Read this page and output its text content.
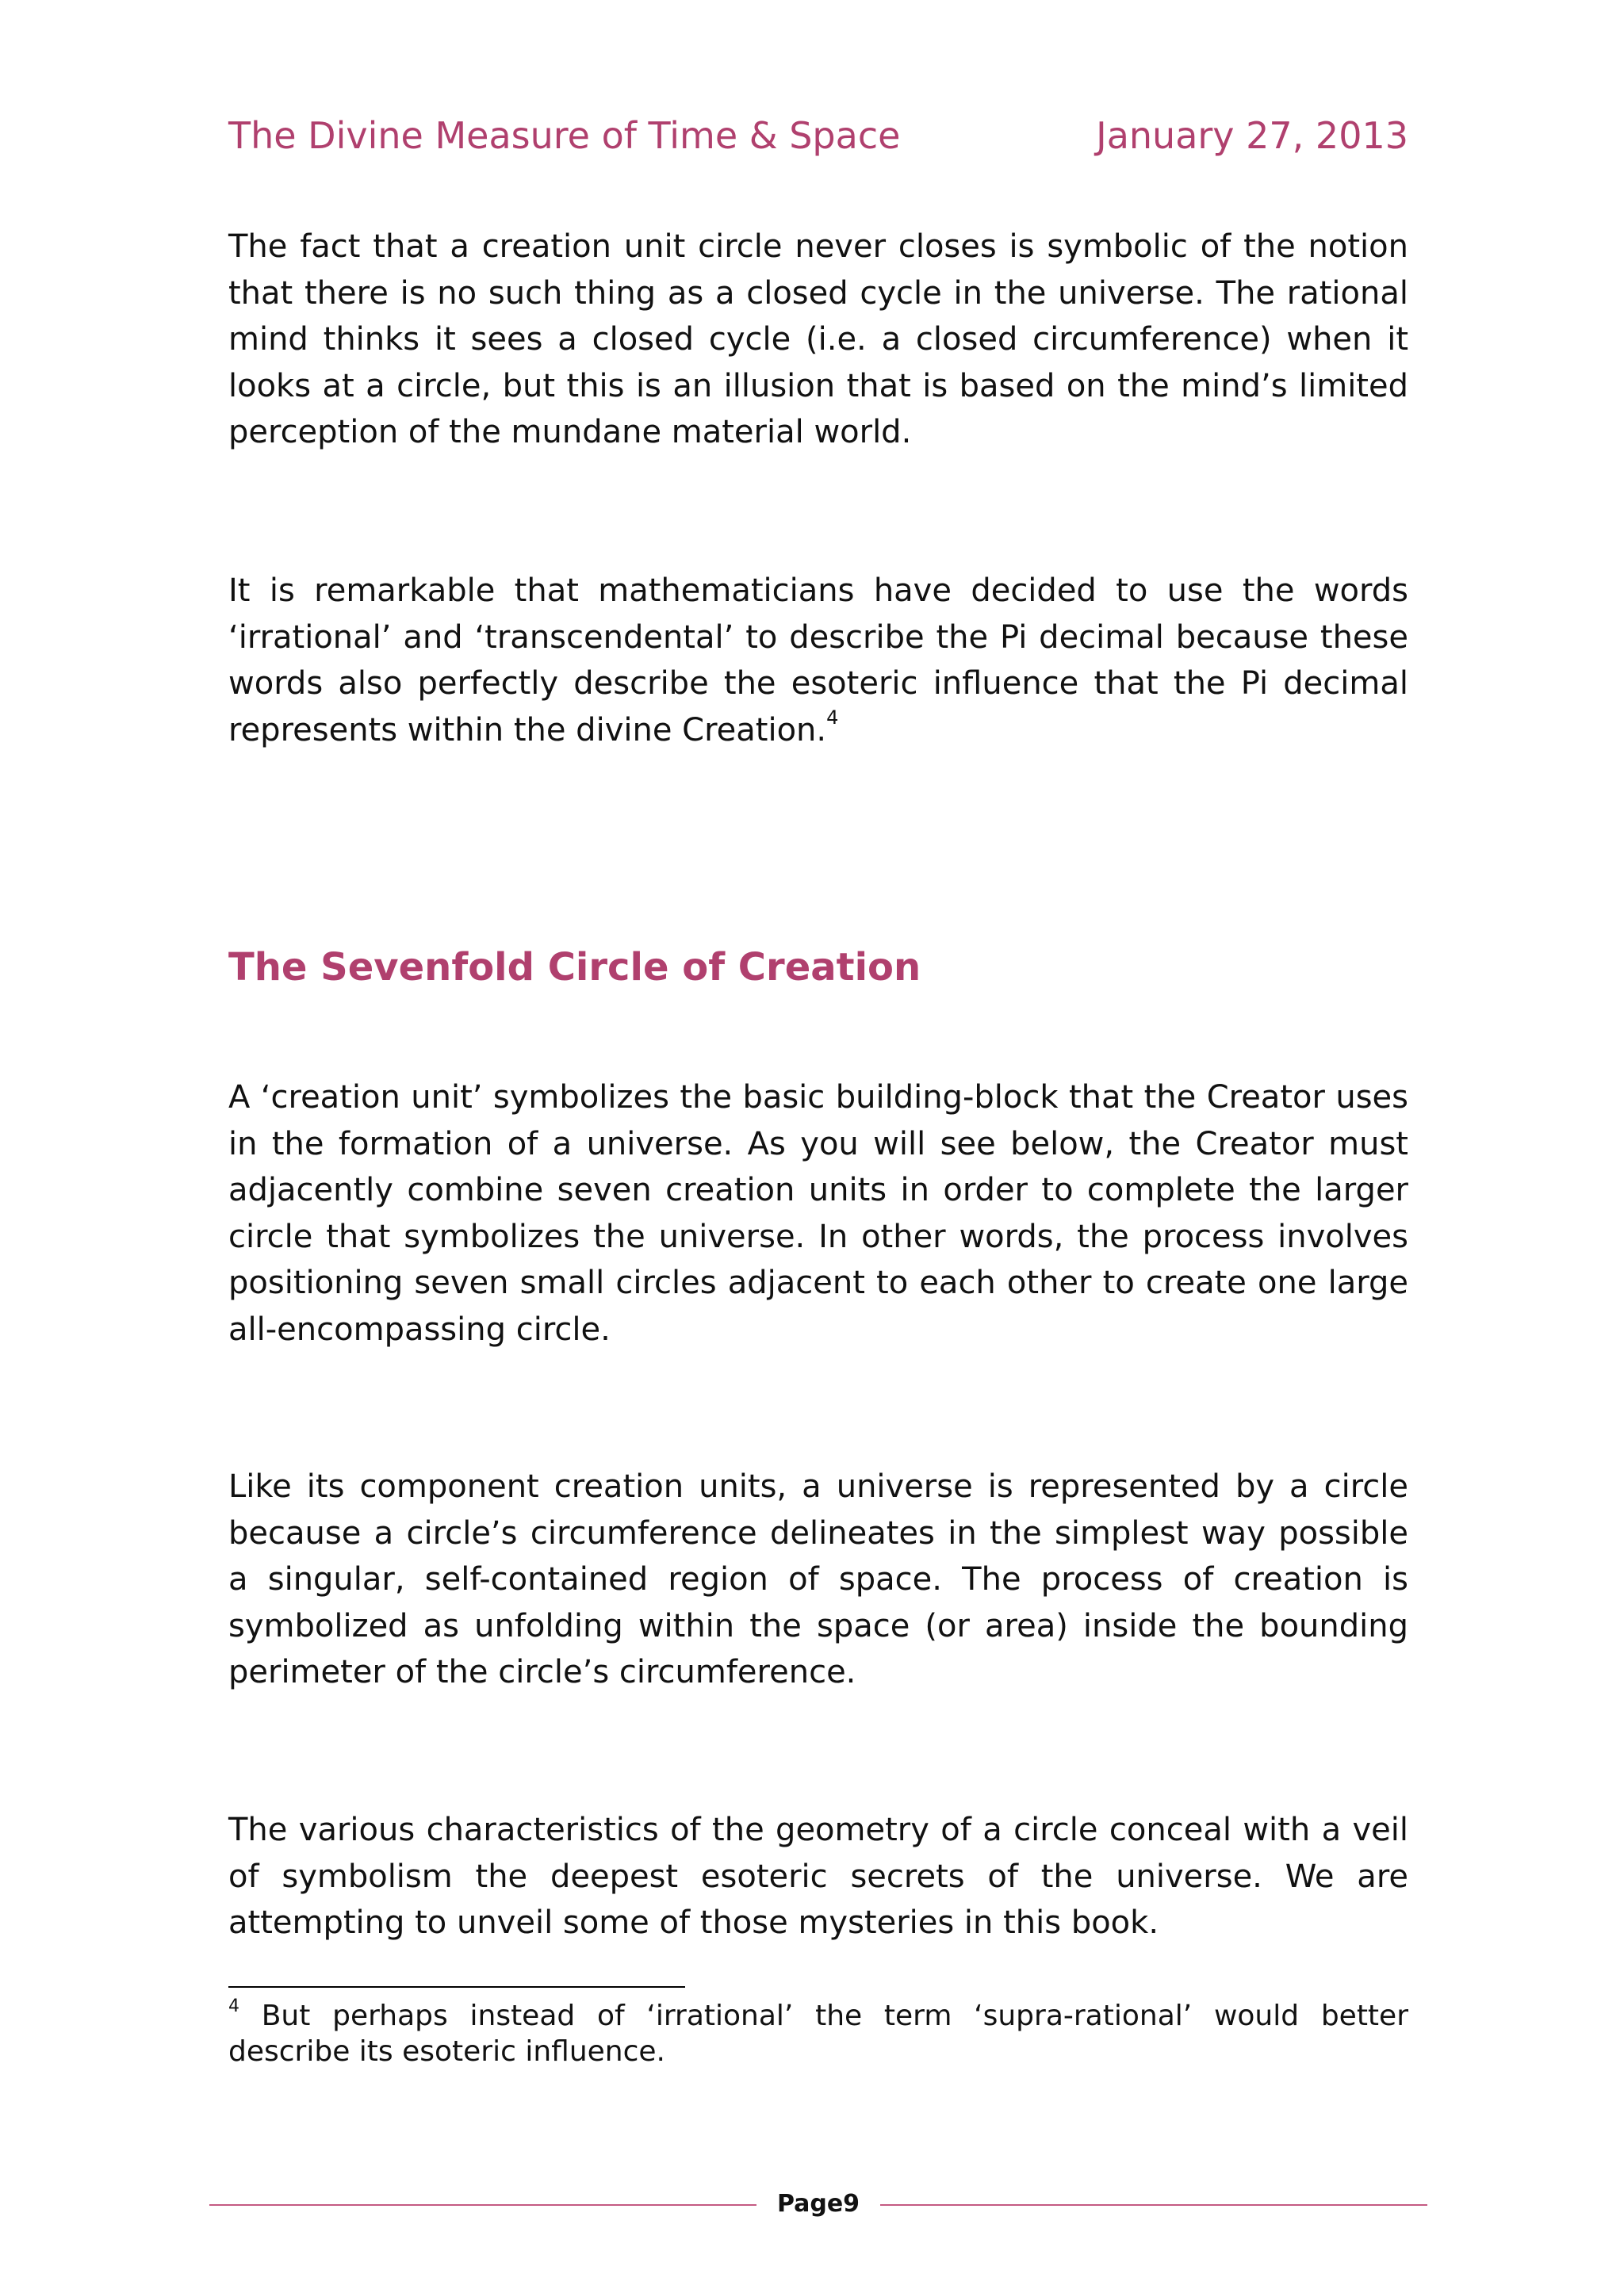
The Divine Measure of Time & Space	January 27, 2013

The fact that a creation unit circle never closes is symbolic of the notion that there is no such thing as a closed cycle in the universe. The rational mind thinks it sees a closed cycle (i.e. a closed circumference) when it looks at a circle, but this is an illusion that is based on the mind’s limited perception of the mundane material world.

It is remarkable that mathematicians have decided to use the words ‘irrational’ and ‘transcendental’ to describe the Pi decimal because these words also perfectly describe the esoteric influence that the Pi decimal represents within the divine Creation.$^4$

The Sevenfold Circle of Creation

A ‘creation unit’ symbolizes the basic building-block that the Creator uses in the formation of a universe. As you will see below, the Creator must adjacently combine seven creation units in order to complete the larger circle that symbolizes the universe. In other words, the process involves positioning seven small circles adjacent to each other to create one large all-encompassing circle.

Like its component creation units, a universe is represented by a circle because a circle’s circumference delineates in the simplest way possible a singular, self-contained region of space. The process of creation is symbolized as unfolding within the space (or area) inside the bounding perimeter of the circle’s circumference.

The various characteristics of the geometry of a circle conceal with a veil of symbolism the deepest esoteric secrets of the universe. We are attempting to unveil some of those mysteries in this book.

$^4$ But perhaps instead of ‘irrational’ the term ‘supra-rational’ would better describe its esoteric influence.

Page9
